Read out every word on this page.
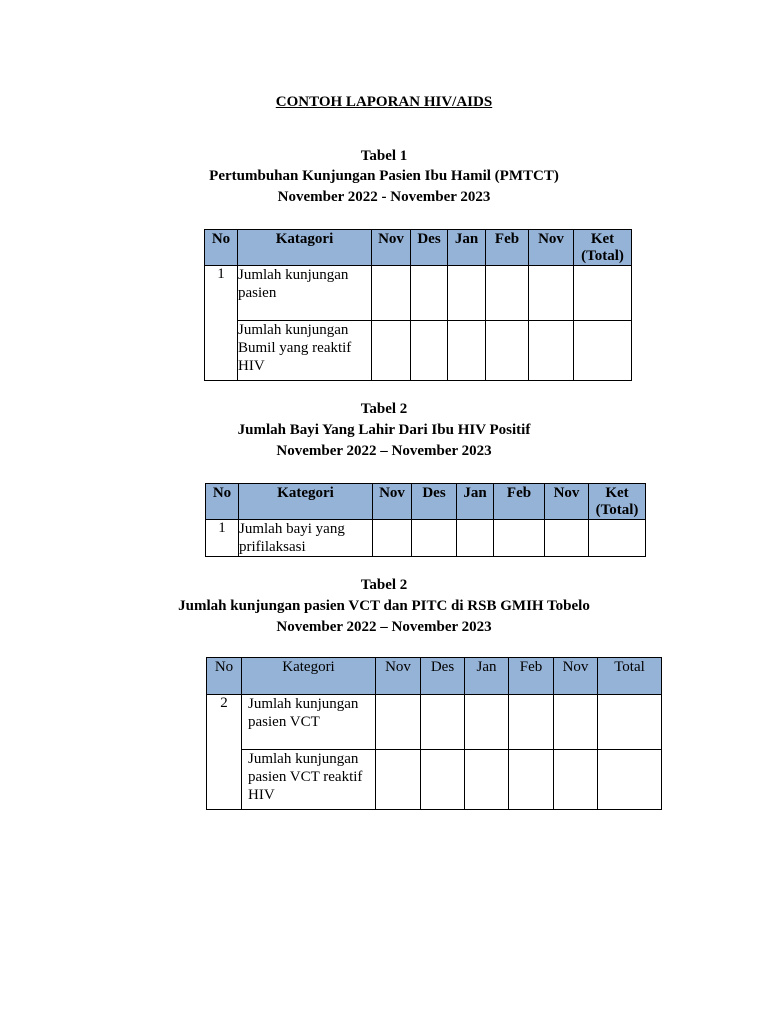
CONTOH LAPORAN HIV/AIDS
Tabel 1
Pertumbuhan Kunjungan Pasien Ibu Hamil (PMTCT)
November 2022 - November 2023
No	Katagori	Nov	Des	Jan	Feb	Nov	Ket (Total)
1	Jumlah kunjungan pasien						
	Jumlah kunjungan Bumil yang reaktif HIV						
Tabel 2
Jumlah Bayi Yang Lahir Dari Ibu HIV Positif
November 2022 – November 2023
No	Kategori	Nov	Des	Jan	Feb	Nov	Ket (Total)
1	Jumlah bayi yang prifilaksasi						
Tabel 2
Jumlah kunjungan pasien VCT dan PITC di RSB GMIH Tobelo
November 2022 – November 2023
No	Kategori	Nov	Des	Jan	Feb	Nov	Total
2	Jumlah kunjungan pasien VCT						
	Jumlah kunjungan pasien VCT reaktif HIV						
